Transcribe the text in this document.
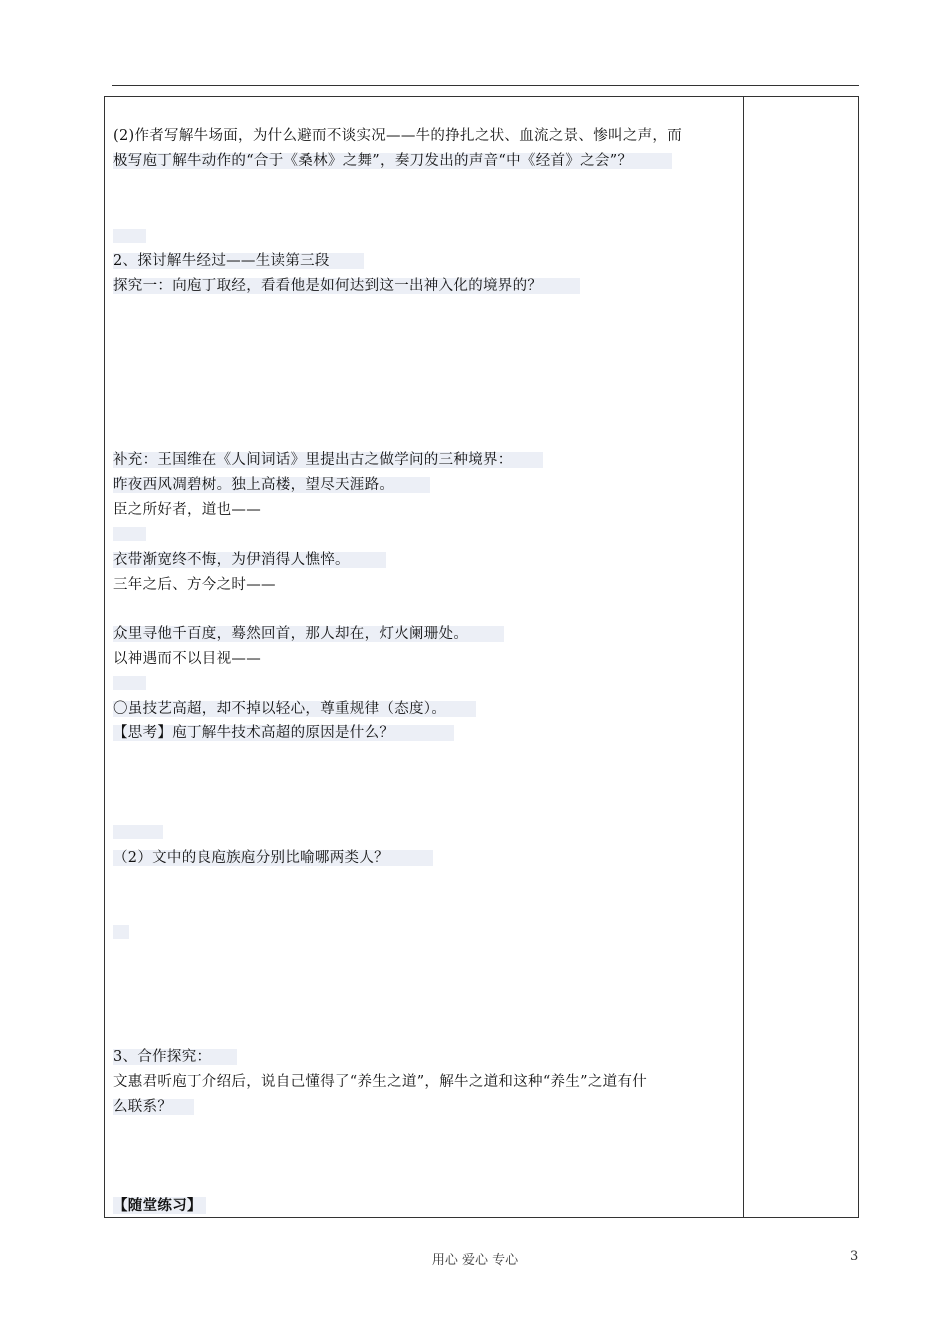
(2)作者写解牛场面，为什么避而不谈实况——牛的挣扎之状、血流之景、惨叫之声，而
极写庖丁解牛动作的“合于《桑林》之舞”，奏刀发出的声音“中《经首》之会”？
2、探讨解牛经过——生读第三段
探究一：向庖丁取经，看看他是如何达到这一出神入化的境界的？
补充：王国维在《人间词话》里提出古之做学问的三种境界：
昨夜西风凋碧树。独上高楼，望尽天涯路。
臣之所好者，道也——
衣带渐宽终不悔，为伊消得人憔悴。
三年之后、方今之时——
众里寻他千百度，蓦然回首，那人却在，灯火阑珊处。
以神遇而不以目视——
〇虽技艺高超，却不掉以轻心，尊重规律（态度）。
【思考】庖丁解牛技术高超的原因是什么？
（2）文中的良庖族庖分别比喻哪两类人？
3、合作探究：
文惠君听庖丁介绍后，说自己懂得了“养生之道”，解牛之道和这种“养生”之道有什
么联系？
【随堂练习】
用心 爱心 专心	3
